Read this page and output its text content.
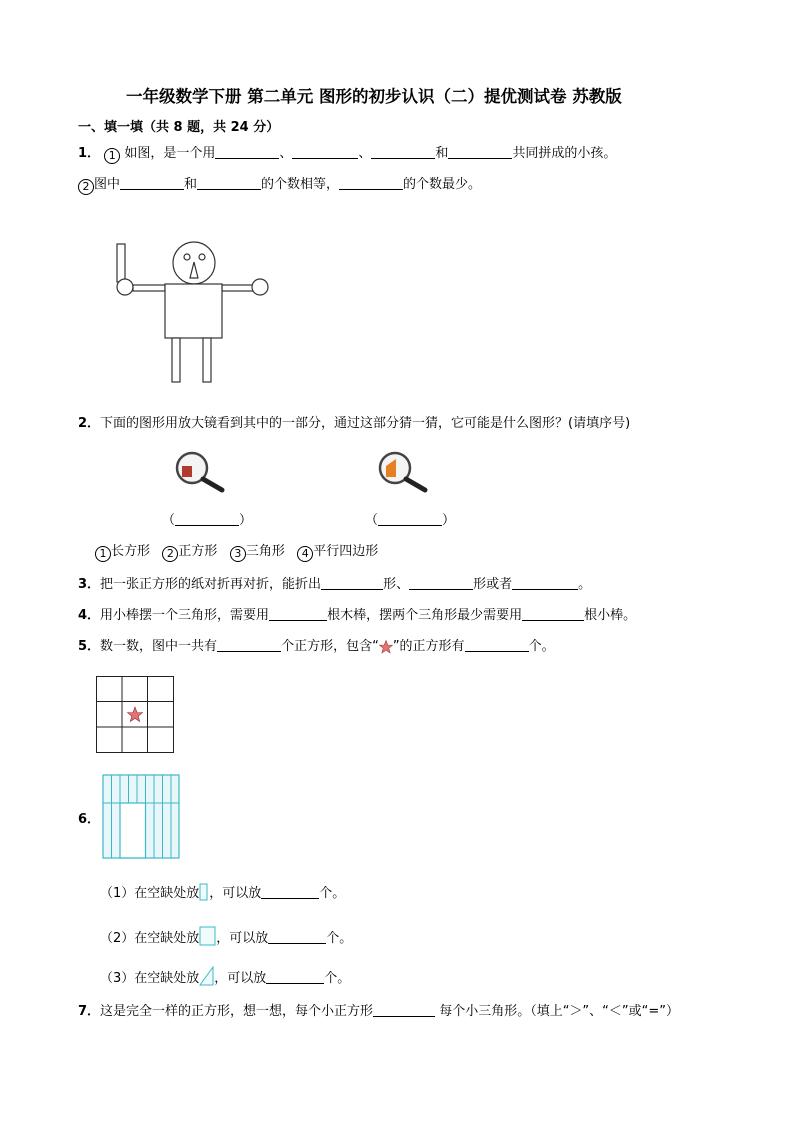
一年级数学下册 第二单元 图形的初步认识（二）提优测试卷 苏教版
一、填一填（共 8 题，共 24 分）
1． 1 如图，是一个用	、	、	和	共同拼成的小孩。
2 图中	和	的个数相等，	的个数最少。
2．下面的图形用放大镜看到其中的一部分，通过这部分猜一猜，它可能是什么图形？(请填序号)
（	）	（	）
1 长方形 2 正方形 3 三角形 4 平行四边形
3．把一张正方形的纸对折再对折，能折出	形、	形或者	。
4．用小棒摆一个三角形，需要用	根木棒，摆两个三角形最少需要用	根小棒。
5．数一数，图中一共有	个正方形，包含“ ”的正方形有	个。
6．
（1）在空缺处放 ，可以放	个。
（2）在空缺处放 ，可以放	个。
（3）在空缺处放 ，可以放	个。
7．这是完全一样的正方形，想一想，每个小正方形	每个小三角形。（填上“＞”、“＜”或“=”）
